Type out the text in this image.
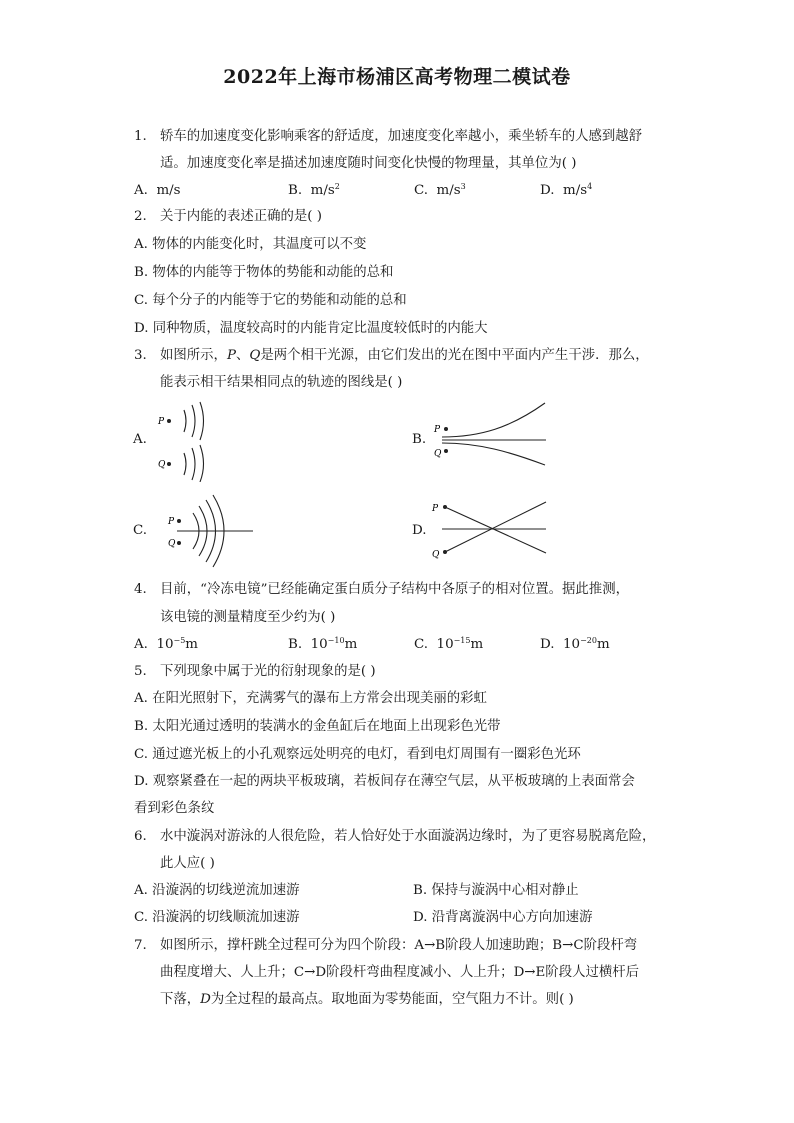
2022年上海市杨浦区高考物理二模试卷
1. 轿车的加速度变化影响乘客的舒适度，加速度变化率越小，乘坐轿车的人感到越舒
适。加速度变化率是描述加速度随时间变化快慢的物理量，其单位为( )
A. m/s	B. $m/s^2$	C. $m/s^3$	D. $m/s^4$
2. 关于内能的表述正确的是( )
A. 物体的内能变化时，其温度可以不变
B. 物体的内能等于物体的势能和动能的总和
C. 每个分子的内能等于它的势能和动能的总和
D. 同种物质，温度较高时的内能肯定比温度较低时的内能大
3. 如图所示，P、Q是两个相干光源，由它们发出的光在图中平面内产生干涉．那么，
能表示相干结果相同点的轨迹的图线是( )
A.	B.
C.	D.
P
Q
P
Q
P
Q
P
Q
4. 目前，“冷冻电镜”已经能确定蛋白质分子结构中各原子的相对位置。据此推测，
该电镜的测量精度至少约为( )
A. $10^{-5}m$	B. $10^{-10}m$	C. $10^{-15}m$	D. $10^{-20}m$
5. 下列现象中属于光的衍射现象的是( )
A. 在阳光照射下，充满雾气的瀑布上方常会出现美丽的彩虹
B. 太阳光通过透明的装满水的金鱼缸后在地面上出现彩色光带
C. 通过遮光板上的小孔观察远处明亮的电灯，看到电灯周围有一圈彩色光环
D. 观察紧叠在一起的两块平板玻璃，若板间存在薄空气层，从平板玻璃的上表面常会
看到彩色条纹
6. 水中漩涡对游泳的人很危险，若人恰好处于水面漩涡边缘时，为了更容易脱离危险，
此人应( )
A. 沿漩涡的切线逆流加速游	B. 保持与漩涡中心相对静止
C. 沿漩涡的切线顺流加速游	D. 沿背离漩涡中心方向加速游
7. 如图所示，撑杆跳全过程可分为四个阶段：A→B阶段人加速助跑；B→C阶段杆弯
曲程度增大、人上升；C→D阶段杆弯曲程度减小、人上升；D→E阶段人过横杆后
下落，D为全过程的最高点。取地面为零势能面，空气阻力不计。则( )
